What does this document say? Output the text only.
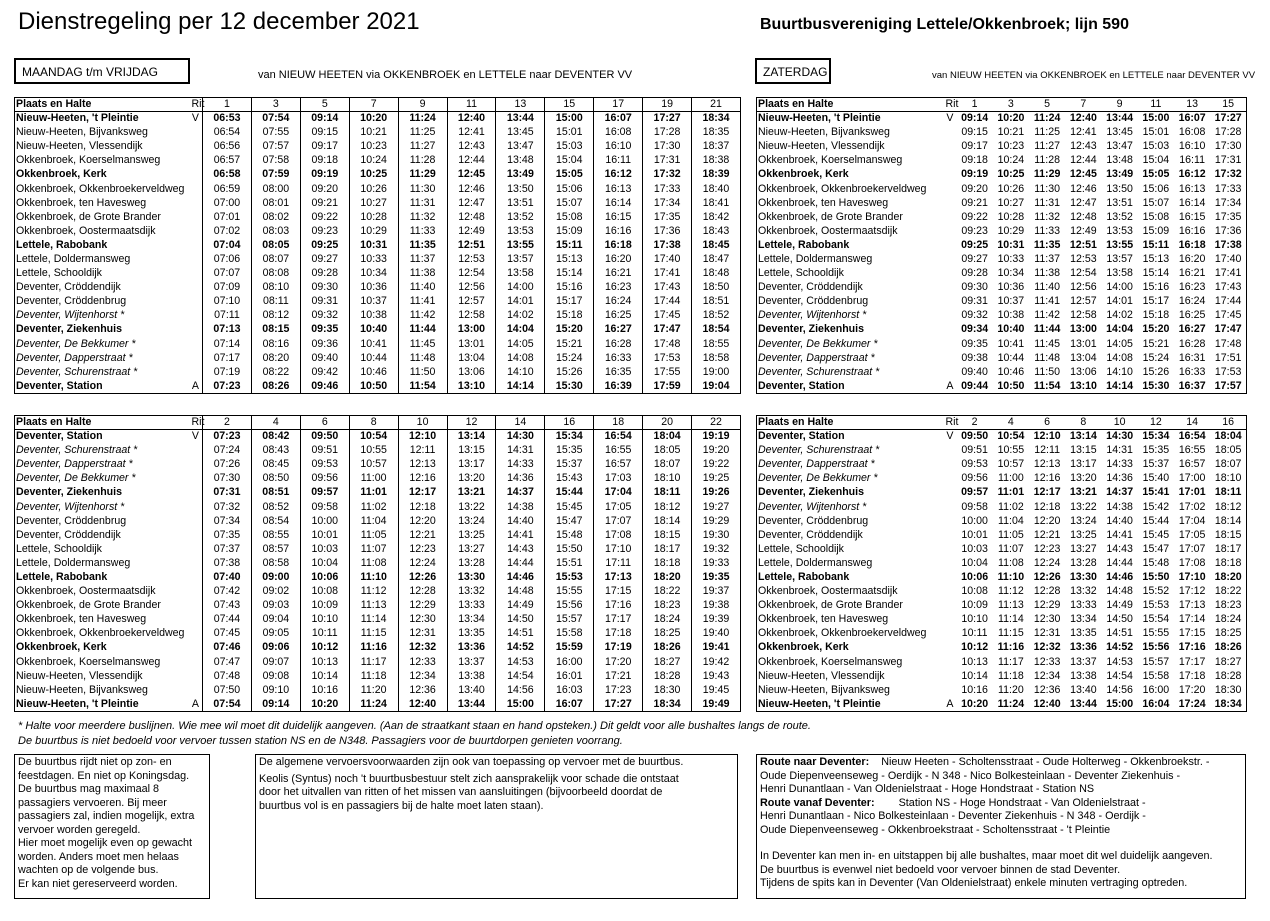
Dienstregeling per 12 december 2021	Buurtbusvereniging Lettele/Okkenbroek; lijn 590
MAANDAG t/m VRIJDAG	van NIEUW HEETEN via OKKENBROEK en LETTELE naar DEVENTER VV	ZATERDAG	van NIEUW HEETEN via OKKENBROEK en LETTELE naar DEVENTER VV
Plaats en Halte	Rit	1	3	5	7	9	11	13	15	17	19	21
Nieuw-Heeten, 't Pleintie	V	06:53	07:54	09:14	10:20	11:24	12:40	13:44	15:00	16:07	17:27	18:34
Nieuw-Heeten, Bijvanksweg		06:54	07:55	09:15	10:21	11:25	12:41	13:45	15:01	16:08	17:28	18:35
Nieuw-Heeten, Vlessendijk		06:56	07:57	09:17	10:23	11:27	12:43	13:47	15:03	16:10	17:30	18:37
Okkenbroek, Koerselmansweg		06:57	07:58	09:18	10:24	11:28	12:44	13:48	15:04	16:11	17:31	18:38
Okkenbroek, Kerk		06:58	07:59	09:19	10:25	11:29	12:45	13:49	15:05	16:12	17:32	18:39
Okkenbroek, Okkenbroekerveldweg		06:59	08:00	09:20	10:26	11:30	12:46	13:50	15:06	16:13	17:33	18:40
Okkenbroek, ten Havesweg		07:00	08:01	09:21	10:27	11:31	12:47	13:51	15:07	16:14	17:34	18:41
Okkenbroek, de Grote Brander		07:01	08:02	09:22	10:28	11:32	12:48	13:52	15:08	16:15	17:35	18:42
Okkenbroek, Oostermaatsdijk		07:02	08:03	09:23	10:29	11:33	12:49	13:53	15:09	16:16	17:36	18:43
Lettele, Rabobank		07:04	08:05	09:25	10:31	11:35	12:51	13:55	15:11	16:18	17:38	18:45
Lettele, Doldermansweg		07:06	08:07	09:27	10:33	11:37	12:53	13:57	15:13	16:20	17:40	18:47
Lettele, Schooldijk		07:07	08:08	09:28	10:34	11:38	12:54	13:58	15:14	16:21	17:41	18:48
Deventer, Cröddendijk		07:09	08:10	09:30	10:36	11:40	12:56	14:00	15:16	16:23	17:43	18:50
Deventer, Cröddenbrug		07:10	08:11	09:31	10:37	11:41	12:57	14:01	15:17	16:24	17:44	18:51
Deventer, Wijtenhorst *		07:11	08:12	09:32	10:38	11:42	12:58	14:02	15:18	16:25	17:45	18:52
Deventer, Ziekenhuis		07:13	08:15	09:35	10:40	11:44	13:00	14:04	15:20	16:27	17:47	18:54
Deventer, De Bekkumer *		07:14	08:16	09:36	10:41	11:45	13:01	14:05	15:21	16:28	17:48	18:55
Deventer, Dapperstraat *		07:17	08:20	09:40	10:44	11:48	13:04	14:08	15:24	16:33	17:53	18:58
Deventer, Schurenstraat *		07:19	08:22	09:42	10:46	11:50	13:06	14:10	15:26	16:35	17:55	19:00
Deventer, Station	A	07:23	08:26	09:46	10:50	11:54	13:10	14:14	15:30	16:39	17:59	19:04
Plaats en Halte	Rit	1	3	5	7	9	11	13	15
Nieuw-Heeten, 't Pleintie	V	09:14	10:20	11:24	12:40	13:44	15:00	16:07	17:27
Nieuw-Heeten, Bijvanksweg		09:15	10:21	11:25	12:41	13:45	15:01	16:08	17:28
Nieuw-Heeten, Vlessendijk		09:17	10:23	11:27	12:43	13:47	15:03	16:10	17:30
Okkenbroek, Koerselmansweg		09:18	10:24	11:28	12:44	13:48	15:04	16:11	17:31
Okkenbroek, Kerk		09:19	10:25	11:29	12:45	13:49	15:05	16:12	17:32
Okkenbroek, Okkenbroekerveldweg		09:20	10:26	11:30	12:46	13:50	15:06	16:13	17:33
Okkenbroek, ten Havesweg		09:21	10:27	11:31	12:47	13:51	15:07	16:14	17:34
Okkenbroek, de Grote Brander		09:22	10:28	11:32	12:48	13:52	15:08	16:15	17:35
Okkenbroek, Oostermaatsdijk		09:23	10:29	11:33	12:49	13:53	15:09	16:16	17:36
Lettele, Rabobank		09:25	10:31	11:35	12:51	13:55	15:11	16:18	17:38
Lettele, Doldermansweg		09:27	10:33	11:37	12:53	13:57	15:13	16:20	17:40
Lettele, Schooldijk		09:28	10:34	11:38	12:54	13:58	15:14	16:21	17:41
Deventer, Cröddendijk		09:30	10:36	11:40	12:56	14:00	15:16	16:23	17:43
Deventer, Cröddenbrug		09:31	10:37	11:41	12:57	14:01	15:17	16:24	17:44
Deventer, Wijtenhorst *		09:32	10:38	11:42	12:58	14:02	15:18	16:25	17:45
Deventer, Ziekenhuis		09:34	10:40	11:44	13:00	14:04	15:20	16:27	17:47
Deventer, De Bekkumer *		09:35	10:41	11:45	13:01	14:05	15:21	16:28	17:48
Deventer, Dapperstraat *		09:38	10:44	11:48	13:04	14:08	15:24	16:31	17:51
Deventer, Schurenstraat *		09:40	10:46	11:50	13:06	14:10	15:26	16:33	17:53
Deventer, Station	A	09:44	10:50	11:54	13:10	14:14	15:30	16:37	17:57
Plaats en Halte	Rit	2	4	6	8	10	12	14	16	18	20	22
Deventer, Station	V	07:23	08:42	09:50	10:54	12:10	13:14	14:30	15:34	16:54	18:04	19:19
Deventer, Schurenstraat *		07:24	08:43	09:51	10:55	12:11	13:15	14:31	15:35	16:55	18:05	19:20
Deventer, Dapperstraat *		07:26	08:45	09:53	10:57	12:13	13:17	14:33	15:37	16:57	18:07	19:22
Deventer, De Bekkumer *		07:30	08:50	09:56	11:00	12:16	13:20	14:36	15:43	17:03	18:10	19:25
Deventer, Ziekenhuis		07:31	08:51	09:57	11:01	12:17	13:21	14:37	15:44	17:04	18:11	19:26
Deventer, Wijtenhorst *		07:32	08:52	09:58	11:02	12:18	13:22	14:38	15:45	17:05	18:12	19:27
Deventer, Cröddenbrug		07:34	08:54	10:00	11:04	12:20	13:24	14:40	15:47	17:07	18:14	19:29
Deventer, Cröddendijk		07:35	08:55	10:01	11:05	12:21	13:25	14:41	15:48	17:08	18:15	19:30
Lettele, Schooldijk		07:37	08:57	10:03	11:07	12:23	13:27	14:43	15:50	17:10	18:17	19:32
Lettele, Doldermansweg		07:38	08:58	10:04	11:08	12:24	13:28	14:44	15:51	17:11	18:18	19:33
Lettele, Rabobank		07:40	09:00	10:06	11:10	12:26	13:30	14:46	15:53	17:13	18:20	19:35
Okkenbroek, Oostermaatsdijk		07:42	09:02	10:08	11:12	12:28	13:32	14:48	15:55	17:15	18:22	19:37
Okkenbroek, de Grote Brander		07:43	09:03	10:09	11:13	12:29	13:33	14:49	15:56	17:16	18:23	19:38
Okkenbroek, ten Havesweg		07:44	09:04	10:10	11:14	12:30	13:34	14:50	15:57	17:17	18:24	19:39
Okkenbroek, Okkenbroekerveldweg		07:45	09:05	10:11	11:15	12:31	13:35	14:51	15:58	17:18	18:25	19:40
Okkenbroek, Kerk		07:46	09:06	10:12	11:16	12:32	13:36	14:52	15:59	17:19	18:26	19:41
Okkenbroek, Koerselmansweg		07:47	09:07	10:13	11:17	12:33	13:37	14:53	16:00	17:20	18:27	19:42
Nieuw-Heeten, Vlessendijk		07:48	09:08	10:14	11:18	12:34	13:38	14:54	16:01	17:21	18:28	19:43
Nieuw-Heeten, Bijvanksweg		07:50	09:10	10:16	11:20	12:36	13:40	14:56	16:03	17:23	18:30	19:45
Nieuw-Heeten, 't Pleintie	A	07:54	09:14	10:20	11:24	12:40	13:44	15:00	16:07	17:27	18:34	19:49
Plaats en Halte	Rit	2	4	6	8	10	12	14	16
Deventer, Station	V	09:50	10:54	12:10	13:14	14:30	15:34	16:54	18:04
Deventer, Schurenstraat *		09:51	10:55	12:11	13:15	14:31	15:35	16:55	18:05
Deventer, Dapperstraat *		09:53	10:57	12:13	13:17	14:33	15:37	16:57	18:07
Deventer, De Bekkumer *		09:56	11:00	12:16	13:20	14:36	15:40	17:00	18:10
Deventer, Ziekenhuis		09:57	11:01	12:17	13:21	14:37	15:41	17:01	18:11
Deventer, Wijtenhorst *		09:58	11:02	12:18	13:22	14:38	15:42	17:02	18:12
Deventer, Cröddenbrug		10:00	11:04	12:20	13:24	14:40	15:44	17:04	18:14
Deventer, Cröddendijk		10:01	11:05	12:21	13:25	14:41	15:45	17:05	18:15
Lettele, Schooldijk		10:03	11:07	12:23	13:27	14:43	15:47	17:07	18:17
Lettele, Doldermansweg		10:04	11:08	12:24	13:28	14:44	15:48	17:08	18:18
Lettele, Rabobank		10:06	11:10	12:26	13:30	14:46	15:50	17:10	18:20
Okkenbroek, Oostermaatsdijk		10:08	11:12	12:28	13:32	14:48	15:52	17:12	18:22
Okkenbroek, de Grote Brander		10:09	11:13	12:29	13:33	14:49	15:53	17:13	18:23
Okkenbroek, ten Havesweg		10:10	11:14	12:30	13:34	14:50	15:54	17:14	18:24
Okkenbroek, Okkenbroekerveldweg		10:11	11:15	12:31	13:35	14:51	15:55	17:15	18:25
Okkenbroek, Kerk		10:12	11:16	12:32	13:36	14:52	15:56	17:16	18:26
Okkenbroek, Koerselmansweg		10:13	11:17	12:33	13:37	14:53	15:57	17:17	18:27
Nieuw-Heeten, Vlessendijk		10:14	11:18	12:34	13:38	14:54	15:58	17:18	18:28
Nieuw-Heeten, Bijvanksweg		10:16	11:20	12:36	13:40	14:56	16:00	17:20	18:30
Nieuw-Heeten, 't Pleintie	A	10:20	11:24	12:40	13:44	15:00	16:04	17:24	18:34
* Halte voor meerdere buslijnen. Wie mee wil moet dit duidelijk aangeven. (Aan de straatkant staan en hand opsteken.) Dit geldt voor alle bushaltes langs de route.
De buurtbus is niet bedoeld voor vervoer tussen station NS en de N348. Passagiers voor de buurtdorpen genieten voorrang.
De buurtbus rijdt niet op zon- en
feestdagen. En niet op Koningsdag.
De buurtbus mag maximaal 8
passagiers vervoeren. Bij meer
passagiers zal, indien mogelijk, extra
vervoer worden geregeld.
Hier moet mogelijk even op gewacht
worden. Anders moet men helaas
wachten op de volgende bus.
Er kan niet gereserveerd worden.
De algemene vervoersvoorwaarden zijn ook van toepassing op vervoer met de buurtbus.
Keolis (Syntus) noch 't buurtbusbestuur stelt zich aansprakelijk voor schade die ontstaat
door het uitvallen van ritten of het missen van aansluitingen (bijvoorbeeld doordat de
buurtbus vol is en passagiers bij de halte moet laten staan).
Route naar Deventer: Nieuw Heeten - Scholtensstraat - Oude Holterweg - Okkenbroekstr. -
Oude Diepenveenseweg - Oerdijk - N 348 - Nico Bolkesteinlaan - Deventer Ziekenhuis -
Henri Dunantlaan - Van Oldenielstraat - Hoge Hondstraat - Station NS
Route vanaf Deventer: Station NS - Hoge Hondstraat - Van Oldenielstraat -
Henri Dunantlaan - Nico Bolkesteinlaan - Deventer Ziekenhuis - N 348 - Oerdijk -
Oude Diepenveenseweg - Okkenbroekstraat - Scholtensstraat - 't Pleintie
In Deventer kan men in- en uitstappen bij alle bushaltes, maar moet dit wel duidelijk aangeven.
De buurtbus is evenwel niet bedoeld voor vervoer binnen de stad Deventer.
Tijdens de spits kan in Deventer (Van Oldenielstraat) enkele minuten vertraging optreden.
